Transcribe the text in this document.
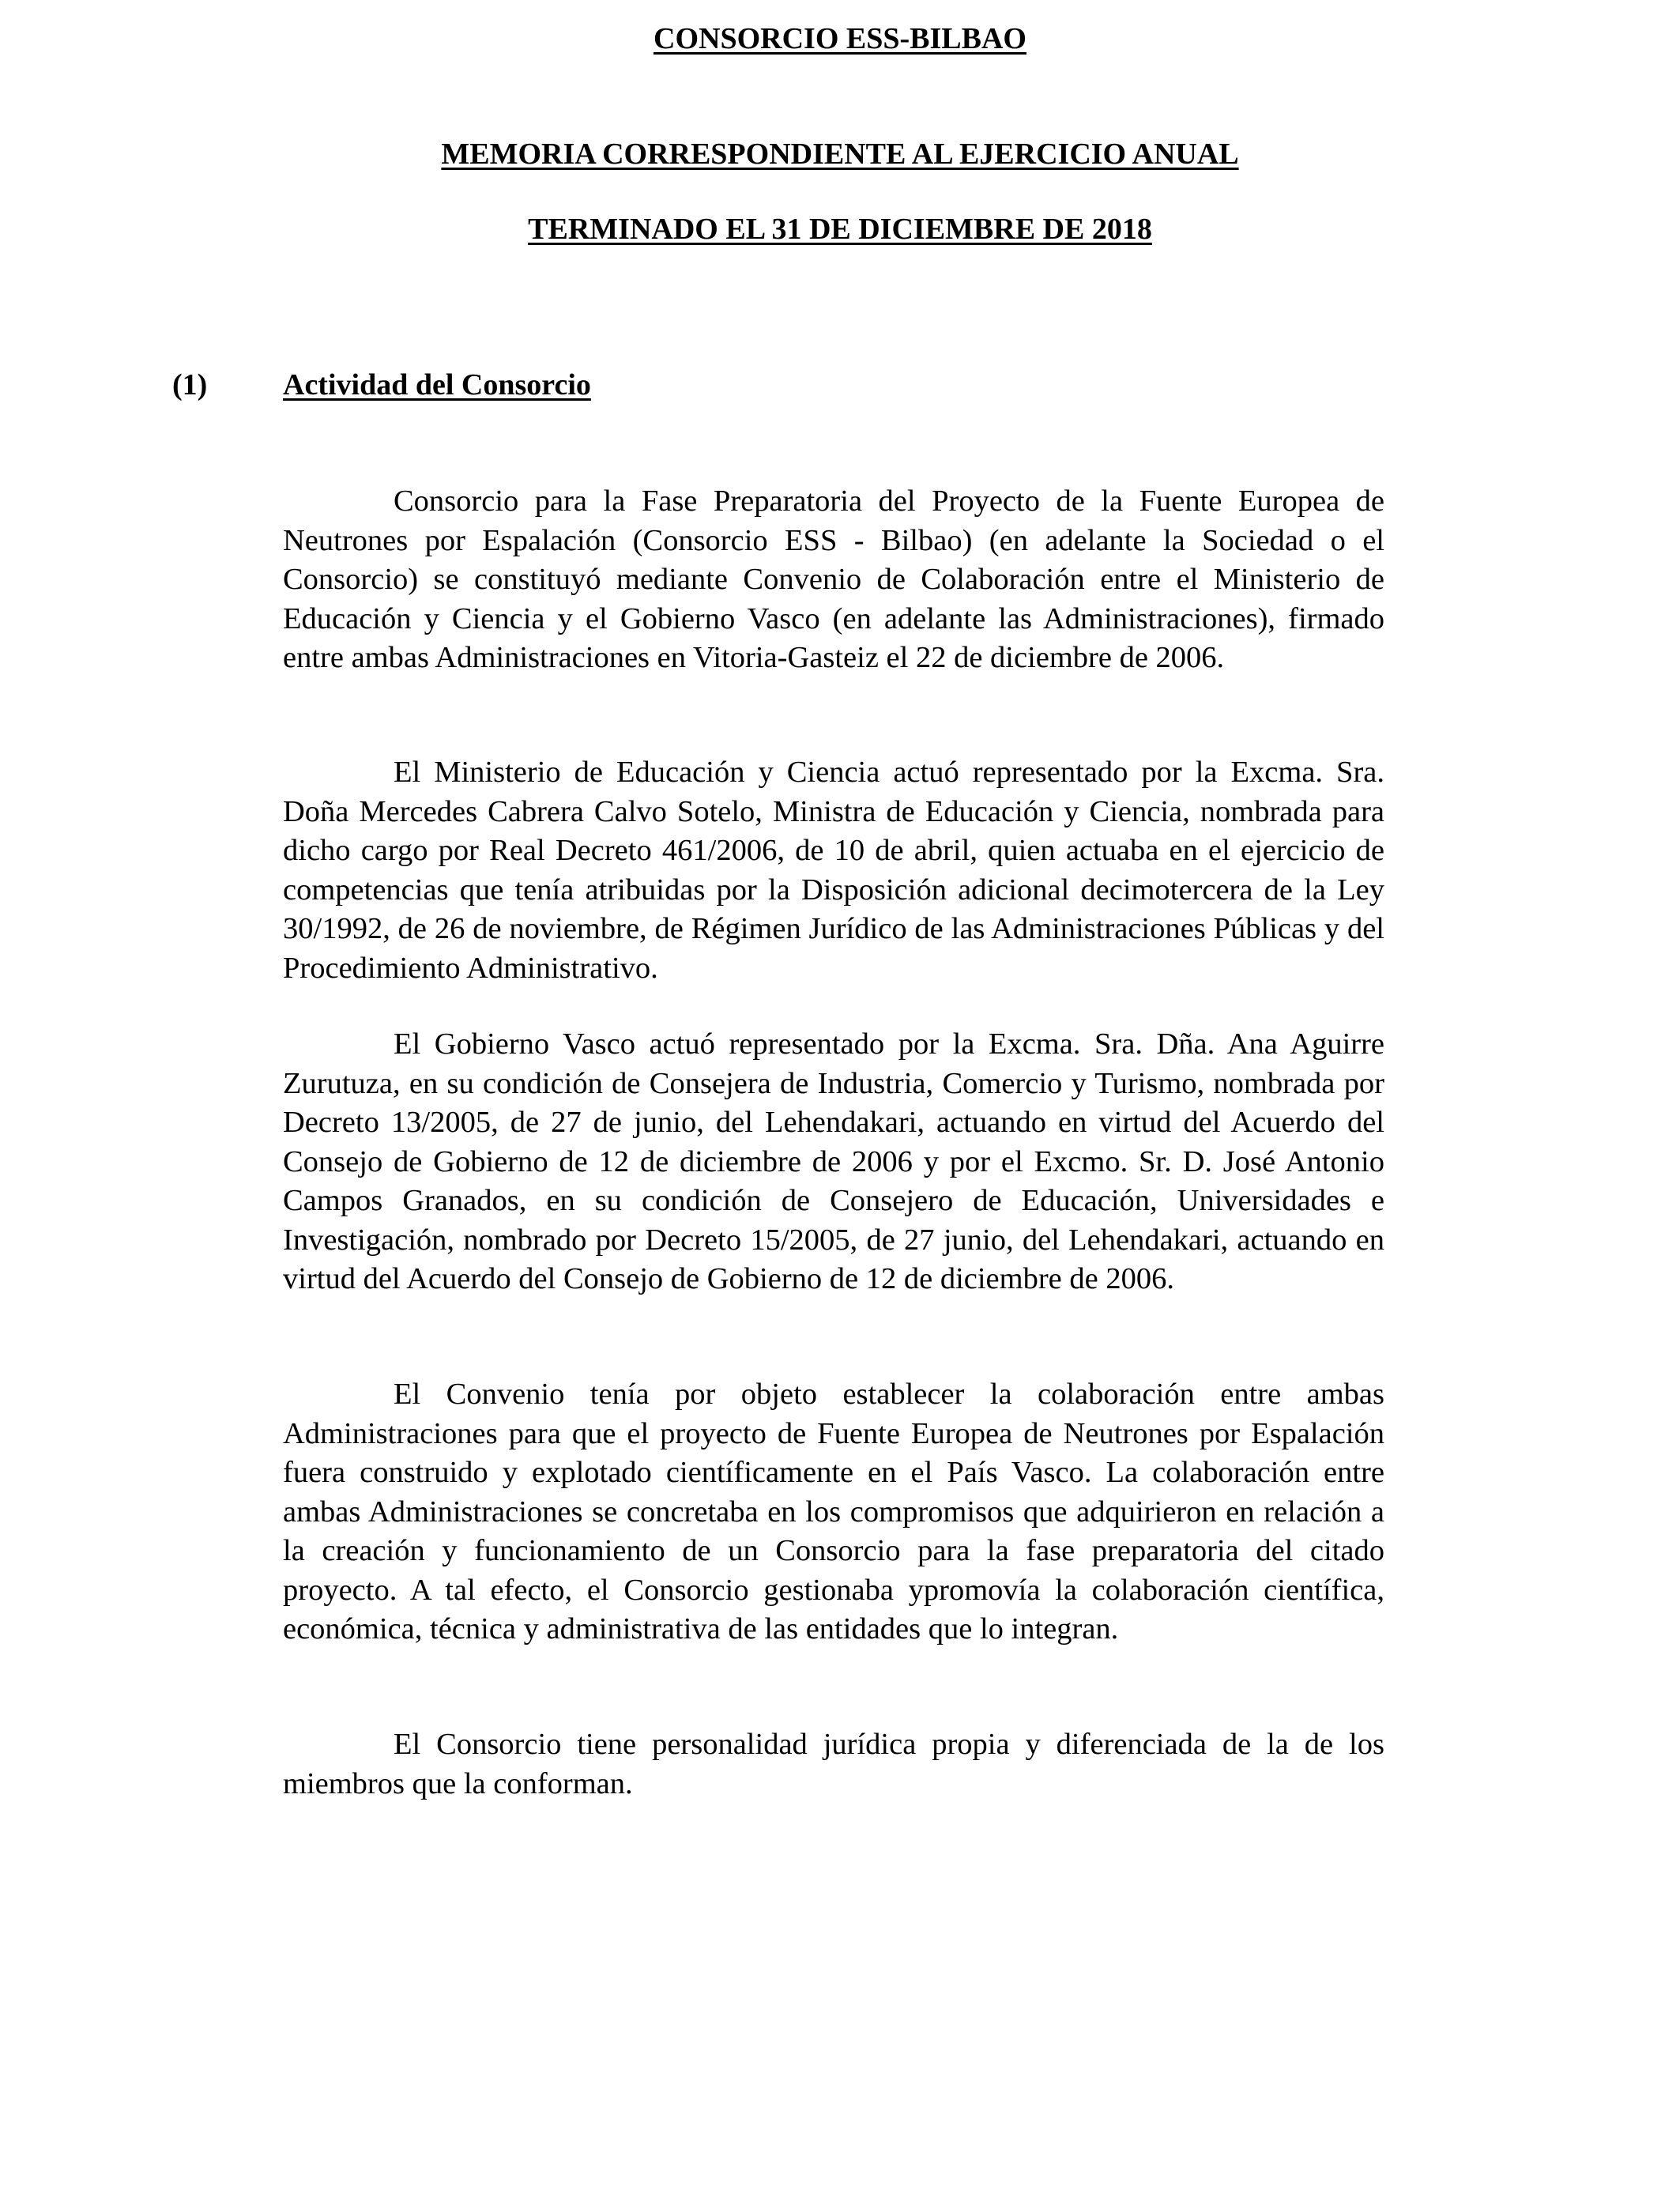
CONSORCIO ESS-BILBAO
MEMORIA CORRESPONDIENTE AL EJERCICIO ANUAL
TERMINADO EL 31 DE DICIEMBRE DE 2018
(1)	Actividad del Consorcio

Consorcio para la Fase Preparatoria del Proyecto de la Fuente Europea de Neutrones por Espalación (Consorcio ESS - Bilbao) (en adelante la Sociedad o el Consorcio) se constituyó mediante Convenio de Colaboración entre el Ministerio de Educación y Ciencia y el Gobierno Vasco (en adelante las Administraciones), firmado entre ambas Administraciones en Vitoria-Gasteiz el 22 de diciembre de 2006.

El Ministerio de Educación y Ciencia actuó representado por la Excma. Sra. Doña Mercedes Cabrera Calvo Sotelo, Ministra de Educación y Ciencia, nombrada para dicho cargo por Real Decreto 461/2006, de 10 de abril, quien actuaba en el ejercicio de competencias que tenía atribuidas por la Disposición adicional decimotercera de la Ley 30/1992, de 26 de noviembre, de Régimen Jurídico de las Administraciones Públicas y del Procedimiento Administrativo.

El Gobierno Vasco actuó representado por la Excma. Sra. Dña. Ana Aguirre Zurutuza, en su condición de Consejera de Industria, Comercio y Turismo, nombrada por Decreto 13/2005, de 27 de junio, del Lehendakari, actuando en virtud del Acuerdo del Consejo de Gobierno de 12 de diciembre de 2006 y por el Excmo. Sr. D. José Antonio Campos Granados, en su condición de Consejero de Educación, Universidades e Investigación, nombrado por Decreto 15/2005, de 27 junio, del Lehendakari, actuando en virtud del Acuerdo del Consejo de Gobierno de 12 de diciembre de 2006.

El Convenio tenía por objeto establecer la colaboración entre ambas Administraciones para que el proyecto de Fuente Europea de Neutrones por Espalación fuera construido y explotado científicamente en el País Vasco. La colaboración entre ambas Administraciones se concretaba en los compromisos que adquirieron en relación a la creación y funcionamiento de un Consorcio para la fase preparatoria del citado proyecto. A tal efecto, el Consorcio gestionaba ypromovía la colaboración científica, económica, técnica y administrativa de las entidades que lo integran.

El Consorcio tiene personalidad jurídica propia y diferenciada de la de los miembros que la conforman.
